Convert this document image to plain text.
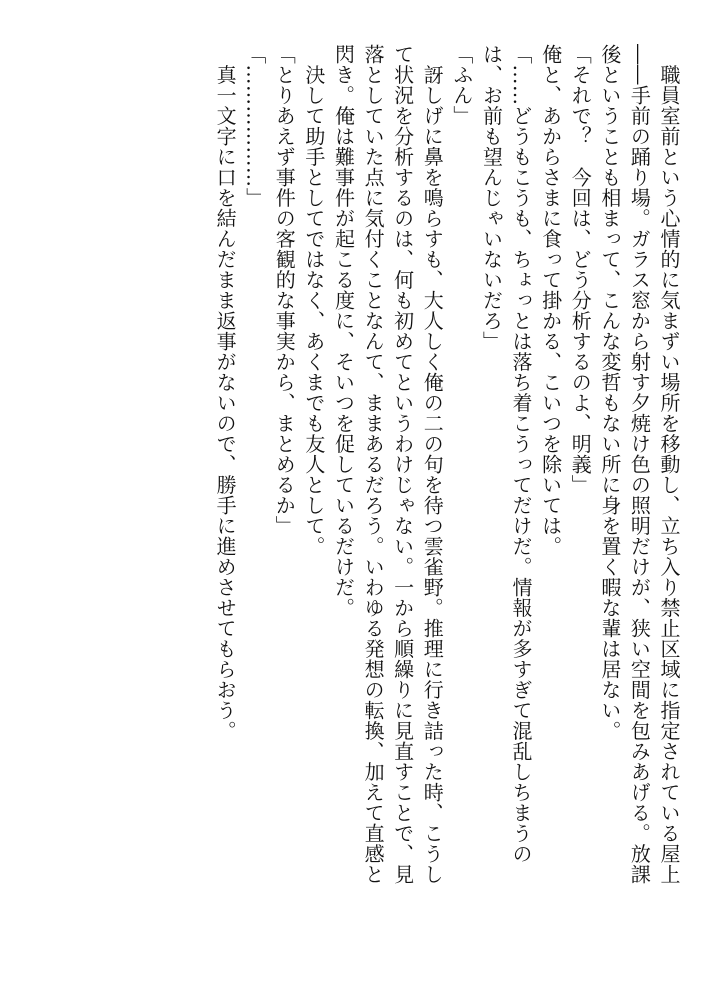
　職員室前という心情的に気まずい場所を移動し、立ち入り禁止区域に指定されている屋上
――手前の踊り場。ガラス窓から射す夕焼け色の照明だけが、狭い空間を包みあげる。放課
後ということも相まって、こんな変哲もない所に身を置く暇な輩は居ない。
「それで？　今回は、どう分析するのよ、明義」
俺と、あからさまに食って掛かる、こいつを除いては。
「……どうもこうも、ちょっとは落ち着こうってだけだ。情報が多すぎて混乱しちまうの
は、お前も望んじゃいないだろ」
「ふん」
　訝しげに鼻を鳴らすも、大人しく俺の二の句を待つ雲雀野。推理に行き詰った時、こうし
て状況を分析するのは、何も初めてというわけじゃない。一から順繰りに見直すことで、見
落としていた点に気付くことなんて、ままあるだろう。いわゆる発想の転換、加えて直感と
閃き。俺は難事件が起こる度に、そいつを促しているだけだ。
　決して助手としてではなく、あくまでも友人として。
「とりあえず事件の客観的な事実から、まとめるか」
「………………」
　真一文字に口を結んだまま返事がないので、勝手に進めさせてもらおう。
